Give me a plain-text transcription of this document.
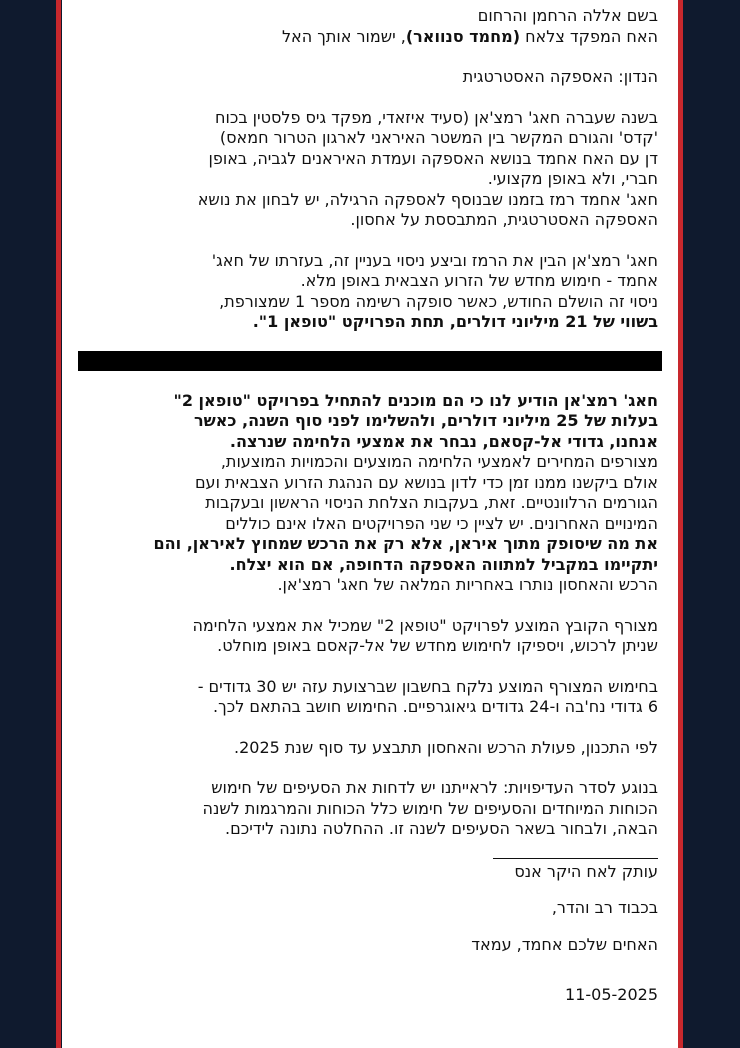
בשם אללה הרחמן והרחום

האח המפקד צלאח (מחמד סנוואר), ישמור אותך האל

הנדון: האספקה האסטרטגית

בשנה שעברה חאג' רמצ'אן (סעיד איזאדי, מפקד גיס פלסטין בכוח

'קדס' והגורם המקשר בין המשטר האיראני לארגון הטרור חמאס)

דן עם האח אחמד בנושא האספקה ועמדת האיראנים לגביה, באופן

חברי, ולא באופן מקצועי.

חאג' אחמד רמז בזמנו שבנוסף לאספקה הרגילה, יש לבחון את נושא

האספקה האסטרטגית, המתבססת על אחסון.

חאג' רמצ'אן הבין את הרמז וביצע ניסוי בעניין זה, בעזרתו של חאג'

אחמד - חימוש מחדש של הזרוע הצבאית באופן מלא.

ניסוי זה הושלם החודש, כאשר סופקה רשימה מספר 1 שמצורפת,

בשווי של 21 מיליוני דולרים, תחת הפרויקט "טופאן 1".

חאג' רמצ'אן הודיע לנו כי הם מוכנים להתחיל בפרויקט "טופאן 2"

בעלות של 25 מיליוני דולרים, ולהשלימו לפני סוף השנה, כאשר

אנחנו, גדודי אל-קסאם, נבחר את אמצעי הלחימה שנרצה.

מצורפים המחירים לאמצעי הלחימה המוצעים והכמויות המוצעות,

אולם ביקשנו ממנו זמן כדי לדון בנושא עם הנהגת הזרוע הצבאית ועם

הגורמים הרלוונטיים. זאת, בעקבות הצלחת הניסוי הראשון ובעקבות

המינויים האחרונים. יש לציין כי שני הפרויקטים האלו אינם כוללים

את מה שיסופק מתוך איראן, אלא רק את הרכש שמחוץ לאיראן, והם

יתקיימו במקביל למתווה האספקה הדחופה, אם הוא יצלח.

הרכש והאחסון נותרו באחריות המלאה של חאג' רמצ'אן.

מצורף הקובץ המוצע לפרויקט "טופאן 2" שמכיל את אמצעי הלחימה

שניתן לרכוש, ויספיקו לחימוש מחדש של אל-קאסם באופן מוחלט.

בחימוש המצורף המוצע נלקח בחשבון שברצועת עזה יש 30 גדודים -

6 גדודי נח'בה ו-24 גדודים גיאוגרפיים. החימוש חושב בהתאם לכך.

לפי התכנון, פעולת הרכש והאחסון תתבצע עד סוף שנת 2025.

בנוגע לסדר העדיפויות: לראייתנו יש לדחות את הסעיפים של חימוש

הכוחות המיוחדים והסעיפים של חימוש כלל הכוחות והמרגמות לשנה

הבאה, ולבחור בשאר הסעיפים לשנה זו. ההחלטה נתונה לידיכם.

עותק לאח היקר אנס

בכבוד רב והדר,

האחים שלכם אחמד, עמאד

11-05-2025
